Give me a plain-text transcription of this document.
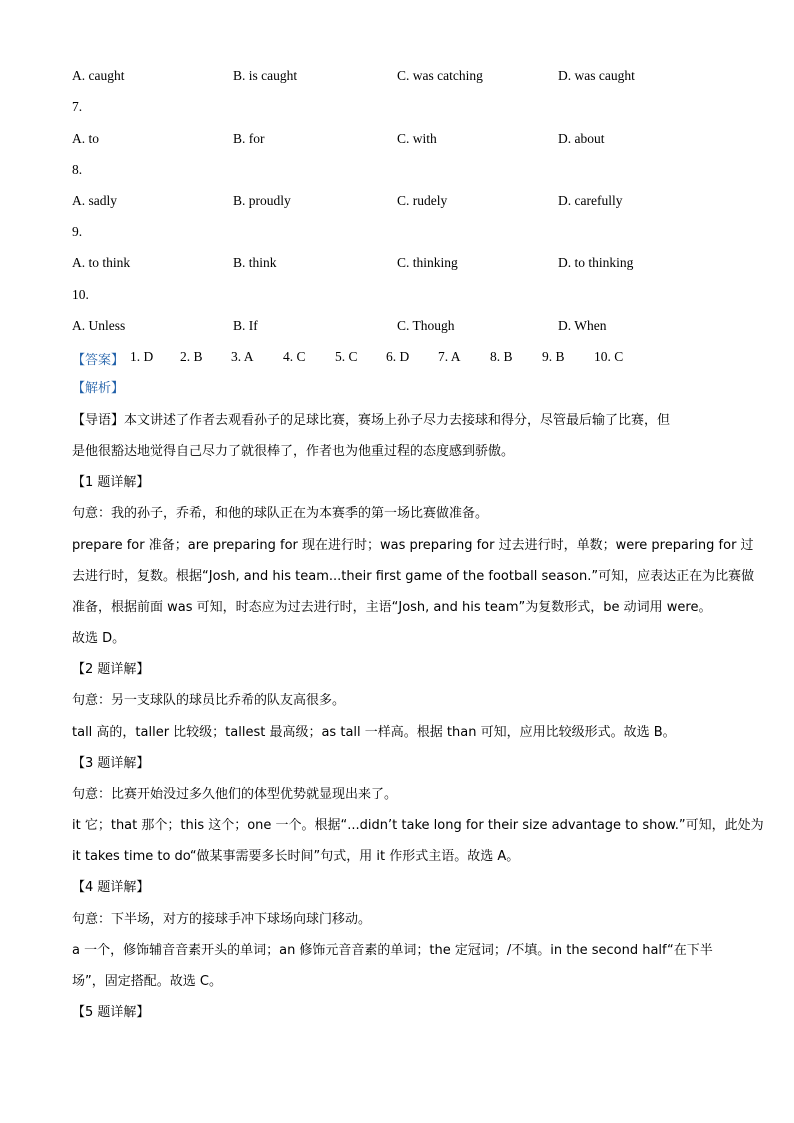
A. caught	B. is caught	C. was catching	D. was caught
7.
A. to	B. for	C. with	D. about
8.
A. sadly	B. proudly	C. rudely	D. carefully
9.
A. to think	B. think	C. thinking	D. to thinking
10.
A. Unless	B. If	C. Though	D. When
【答案】 1. D 2. B 3. A 4. C 5. C 6. D 7. A 8. B 9. B 10. C
【解析】
【导语】本文讲述了作者去观看孙子的足球比赛，赛场上孙子尽力去接球和得分，尽管最后输了比赛，但
是他很豁达地觉得自己尽力了就很棒了，作者也为他重过程的态度感到骄傲。
【1 题详解】
句意：我的孙子，乔希，和他的球队正在为本赛季的第一场比赛做准备。
prepare for 准备；are preparing for 现在进行时；was preparing for 过去进行时，单数；were preparing for 过
去进行时，复数。根据“Josh, and his team...their first game of the football season.”可知，应表达正在为比赛做
准备，根据前面 was 可知，时态应为过去进行时，主语“Josh, and his team”为复数形式，be 动词用 were。
故选 D。
【2 题详解】
句意：另一支球队的球员比乔希的队友高很多。
tall 高的，taller 比较级；tallest 最高级；as tall 一样高。根据 than 可知，应用比较级形式。故选 B。
【3 题详解】
句意：比赛开始没过多久他们的体型优势就显现出来了。
it 它；that 那个；this 这个；one 一个。根据“...didn’t take long for their size advantage to show.”可知，此处为
it takes time to do“做某事需要多长时间”句式，用 it 作形式主语。故选 A。
【4 题详解】
句意：下半场，对方的接球手冲下球场向球门移动。
a 一个，修饰辅音音素开头的单词；an 修饰元音音素的单词；the 定冠词；/不填。in the second half“在下半
场”，固定搭配。故选 C。
【5 题详解】
